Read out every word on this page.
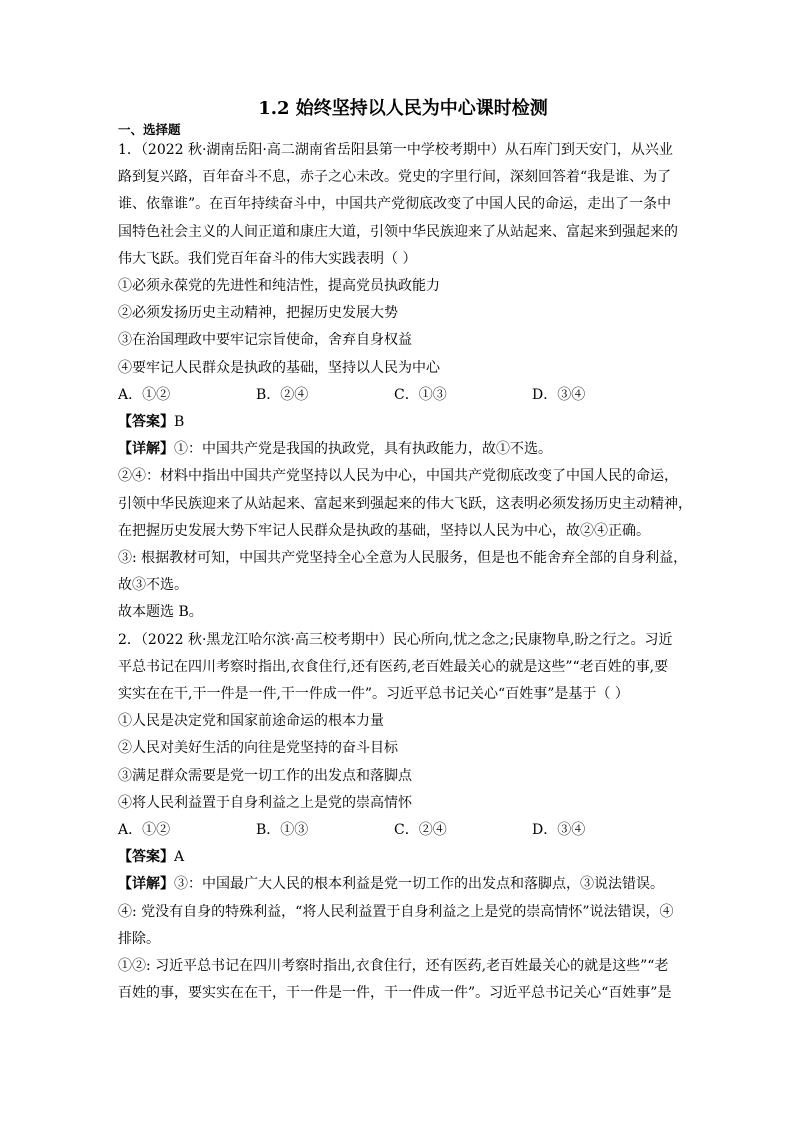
1.2 始终坚持以人民为中心课时检测
一、选择题

1．（2022 秋·湖南岳阳·高二湖南省岳阳县第一中学校考期中）从石库门到天安门，从兴业

路到复兴路，百年奋斗不息，赤子之心未改。党史的字里行间，深刻回答着“我是谁、为了

谁、依靠谁”。在百年持续奋斗中，中国共产党彻底改变了中国人民的命运，走出了一条中

国特色社会主义的人间正道和康庄大道，引领中华民族迎来了从站起来、富起来到强起来的

伟大飞跃。我们党百年奋斗的伟大实践表明（ ）

①必须永葆党的先进性和纯洁性，提高党员执政能力

②必须发扬历史主动精神，把握历史发展大势

③在治国理政中要牢记宗旨使命，舍弃自身权益

④要牢记人民群众是执政的基础，坚持以人民为中心

A．①②	B．②④	C．①③	D．③④

【答案】B

【详解】①：中国共产党是我国的执政党，具有执政能力，故①不选。

②④：材料中指出中国共产党坚持以人民为中心，中国共产党彻底改变了中国人民的命运，

引领中华民族迎来了从站起来、富起来到强起来的伟大飞跃，这表明必须发扬历史主动精神，

在把握历史发展大势下牢记人民群众是执政的基础，坚持以人民为中心，故②④正确。

③: 根据教材可知，中国共产党坚持全心全意为人民服务，但是也不能舍弃全部的自身利益，

故③不选。

故本题选 B。

2．（2022 秋·黑龙江哈尔滨·高三校考期中）民心所向,忧之念之;民康物阜,盼之行之。习近

平总书记在四川考察时指出,衣食住行,还有医药,老百姓最关心的就是这些”“老百姓的事,要

实实在在干,干一件是一件,干一件成一件”。习近平总书记关心“百姓事”是基于（ ）

①人民是决定党和国家前途命运的根本力量

②人民对美好生活的向往是党坚持的奋斗目标

③满足群众需要是党一切工作的出发点和落脚点

④将人民利益置于自身利益之上是党的崇高情怀

A．①②	B．①③	C．②④	D．③④

【答案】A

【详解】③：中国最广大人民的根本利益是党一切工作的出发点和落脚点，③说法错误。

④: 党没有自身的特殊利益，“将人民利益置于自身利益之上是党的崇高情怀”说法错误，④

排除。

①②: 习近平总书记在四川考察时指出,衣食住行，还有医药,老百姓最关心的就是这些”“老

百姓的事，要实实在在干，干一件是一件，干一件成一件”。习近平总书记关心“百姓事”是
